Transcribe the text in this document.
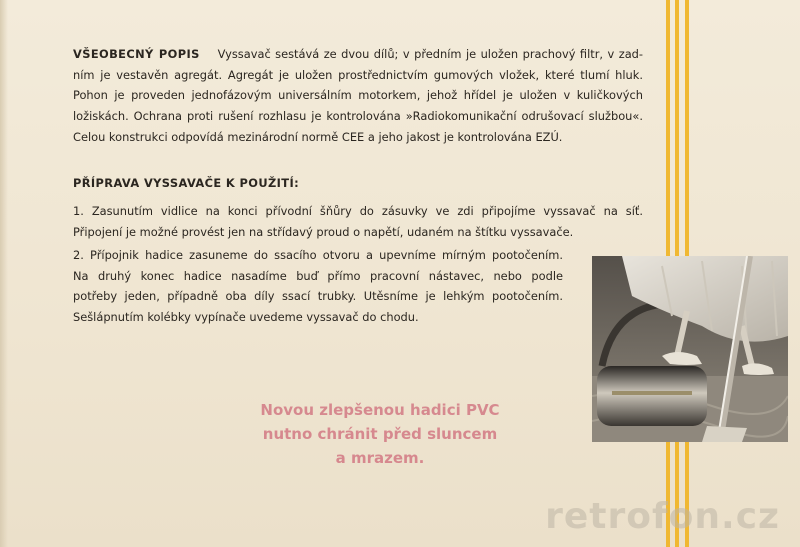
VŠEOBECNÝ POPIS Vyssavač sestává ze dvou dílů; v předním je uložen prachový filtr, v zad-
ním je vestavěn agregát. Agregát je uložen prostřednictvím gumových vložek, které tlumí hluk.
Pohon je proveden jednofázovým universálním motorkem, jehož hřídel je uložen v kuličkových
ložiskách. Ochrana proti rušení rozhlasu je kontrolována »Radiokomunikační odrušovací službou«.
Celou konstrukci odpovídá mezinárodní normě CEE a jeho jakost je kontrolována EZÚ.
PŘÍPRAVA VYSSAVAČE K POUŽITÍ:
1. Zasunutím vidlice na konci přívodní šňůry do zásuvky ve zdi připojíme vyssavač na síť.
Připojení je možné provést jen na střídavý proud o napětí, udaném na štítku vyssavače.
2. Přípojnik hadice zasuneme do ssacího otvoru a upevníme mírným pootočením.
Na druhý konec hadice nasadíme buď přímo pracovní nástavec, nebo podle
potřeby jeden, případně oba díly ssací trubky. Utěsníme je lehkým pootočením.
Sešlápnutím kolébky vypínače uvedeme vyssavač do chodu.
Novou zlepšenou hadici PVC
nutno chránit před sluncem
a mrazem.
retrofon.cz
